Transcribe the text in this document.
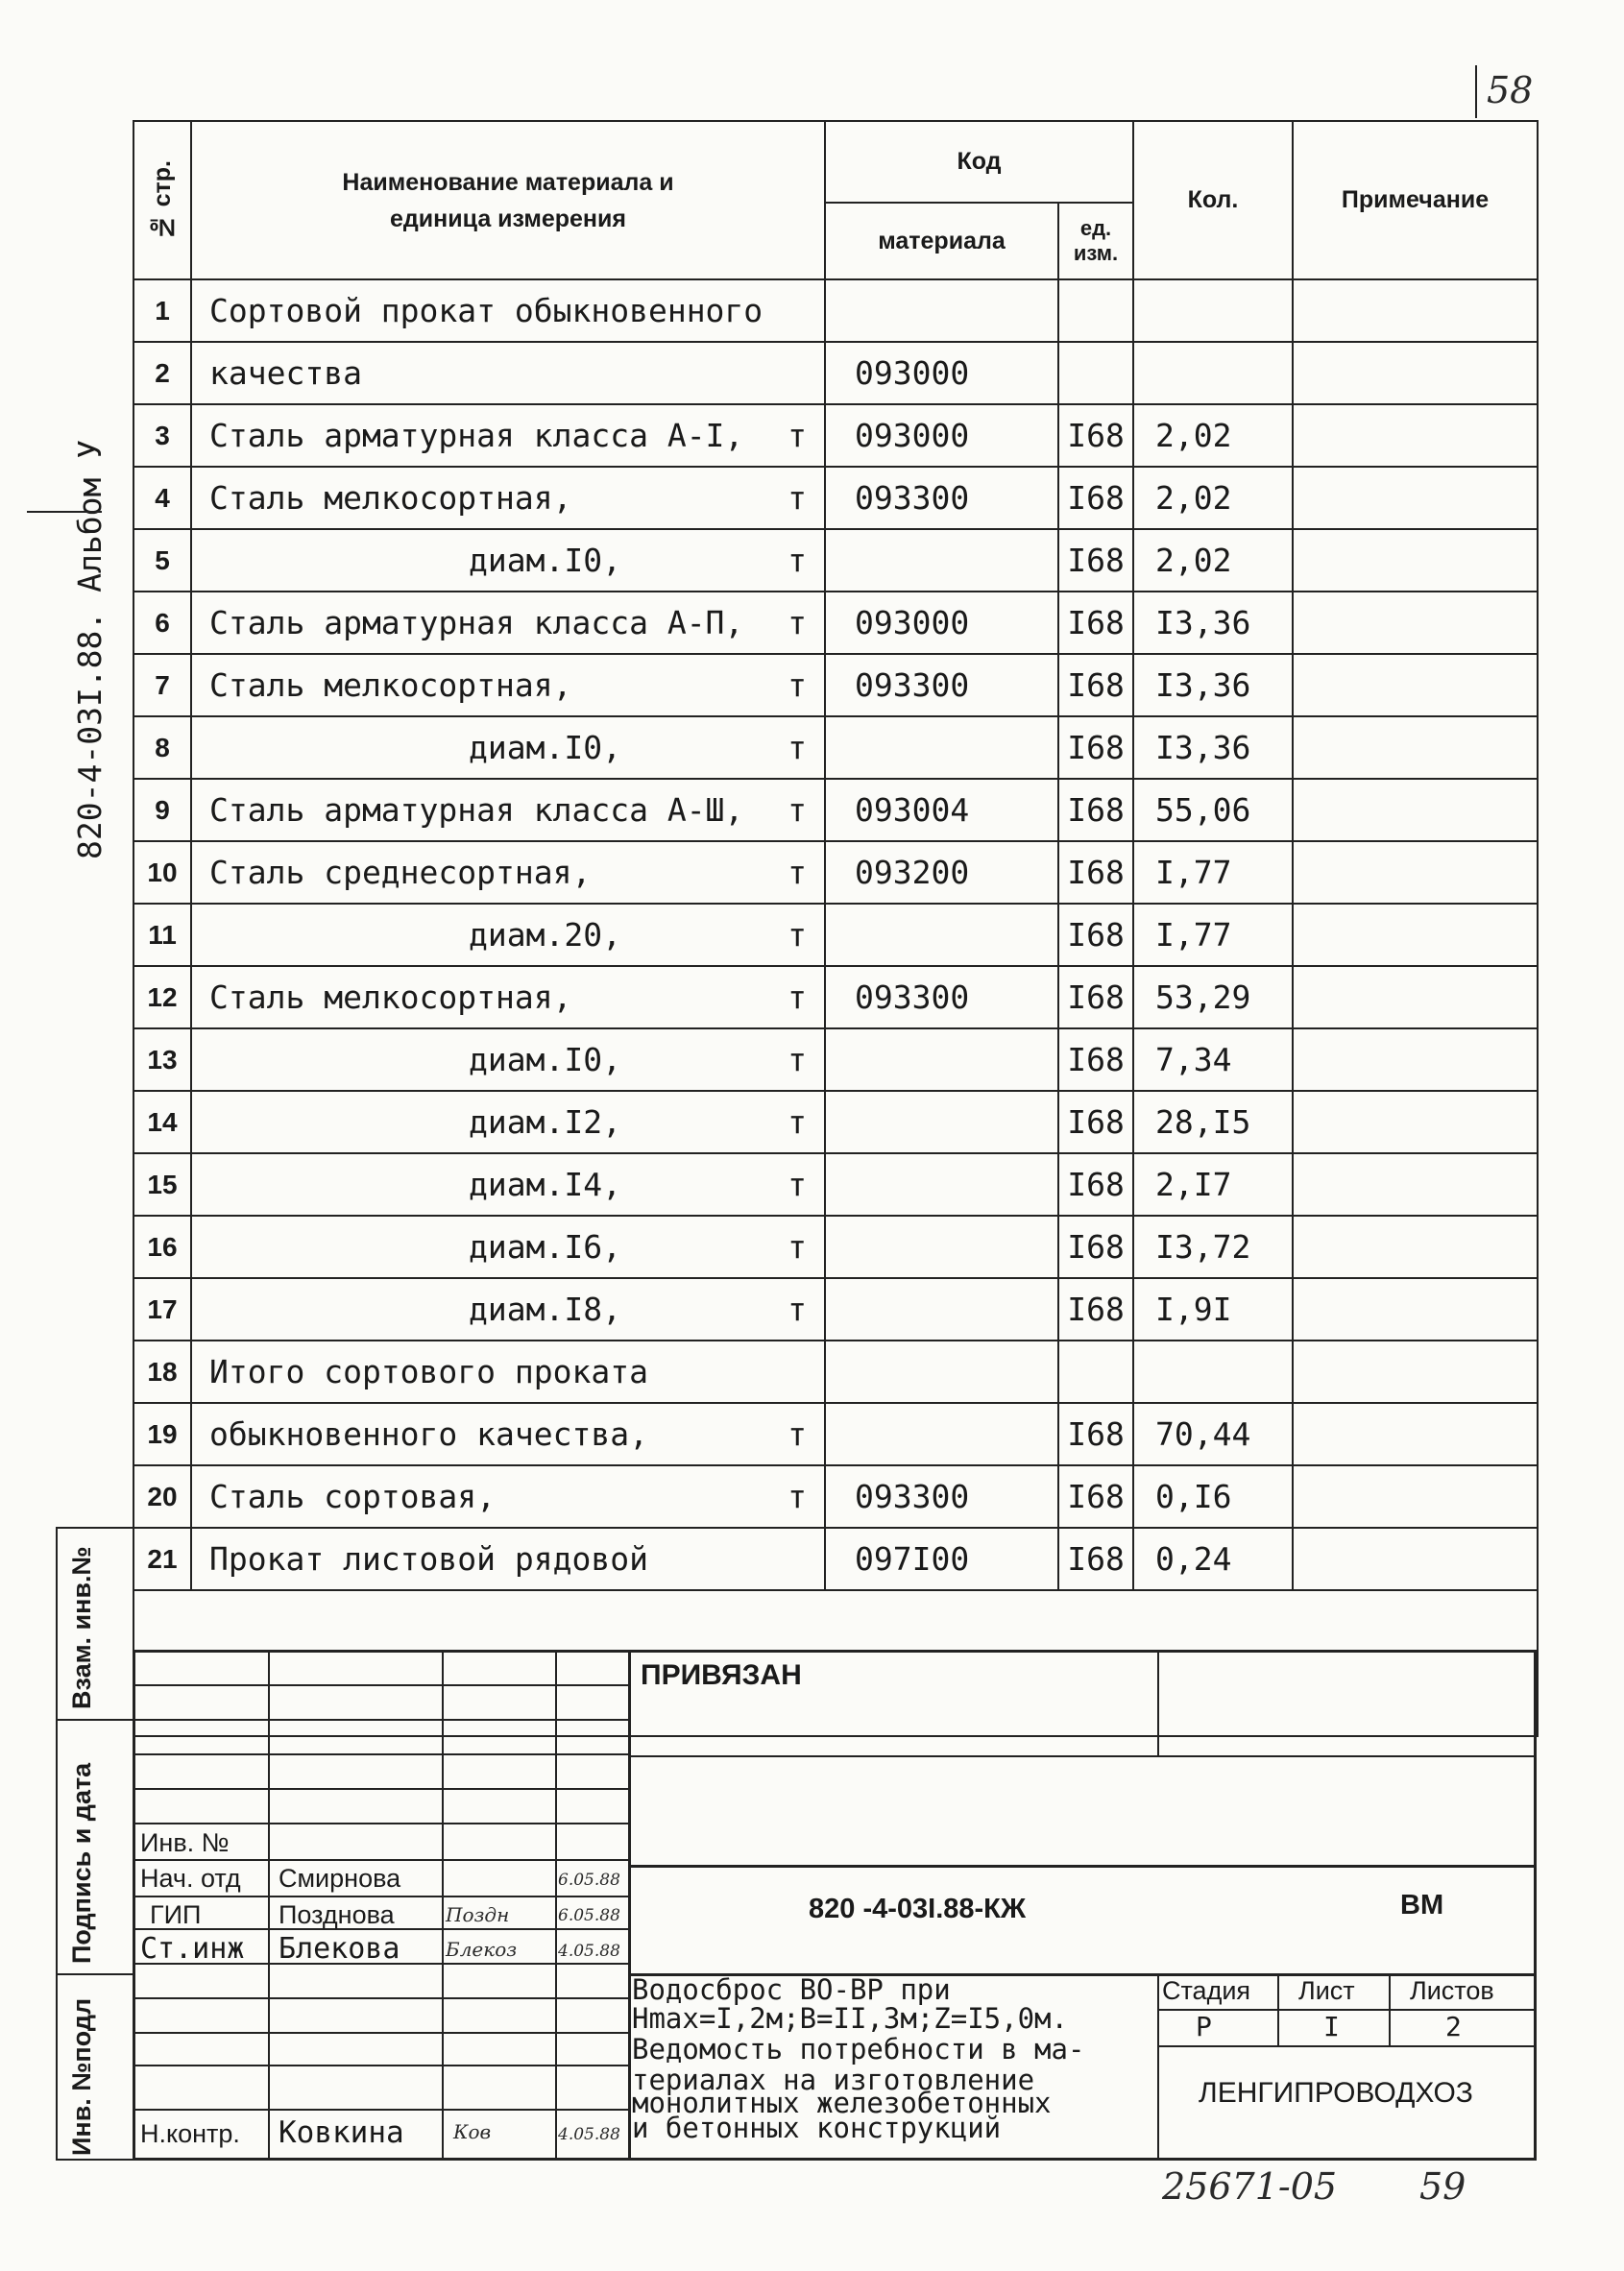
58
820-4-03I.88. Альбом У
№ стр.	Наименование материала и единица измерения	Код		Кол.	Примечание
		материала	ед. изм.		
1	Сортовой прокат обыкновенного				

2	качества	093000			
3	Сталь арматурная класса А-I, т	093000	I68	2,02	
4	Сталь мелкосортная, т	093300	I68	2,02	
5	диам.I0, т		I68	2,02	
6	Сталь арматурная класса А-П, т	093000	I68	I3,36	
7	Сталь мелкосортная, т	093300	I68	I3,36	
8	диам.I0, т		I68	I3,36	
9	Сталь арматурная класса А-Ш, т	093004	I68	55,06	
10	Сталь среднесортная, т	093200	I68	I,77	
11	диам.20, т		I68	I,77	
12	Сталь мелкосортная, т	093300	I68	53,29	
13	диам.I0, т		I68	7,34	
14	диам.I2, т		I68	28,I5	
15	диам.I4, т		I68	2,I7	
16	диам.I6, т		I68	I3,72	
17	диам.I8, т		I68	I,9I	
18	Итого сортового проката				

19	обыкновенного качества, т		I68	70,44	
20	Сталь сортовая, т	093300	I68	0,I6	
21	Прокат листовой рядовой	097I00	I68	0,24	

Инв. №подл
Подпись и дата
Взам. инв.№	ПРИВЯЗАН
Инв. №
Нач. отд Смирнова	6.05.88
ГИП	Позднова	Поздн	6.05.88
Ст.инж Блекова Блекоз	4.05.88
Н.контр. Ковкина	Ков	4.05.88
820 -4-03I.88-КЖ	ВМ
Водосброс ВО-ВР при
Hmax=I,2м;В=II,3м;Z=I5,0м.
Ведомость потребности в ма-
териалах на изготовление
монолитных железобетонных
и бетонных конструкций
Стадия Лист Листов
Р	I	2
ЛЕНГИПРОВОДХОЗ
25671-05 59
